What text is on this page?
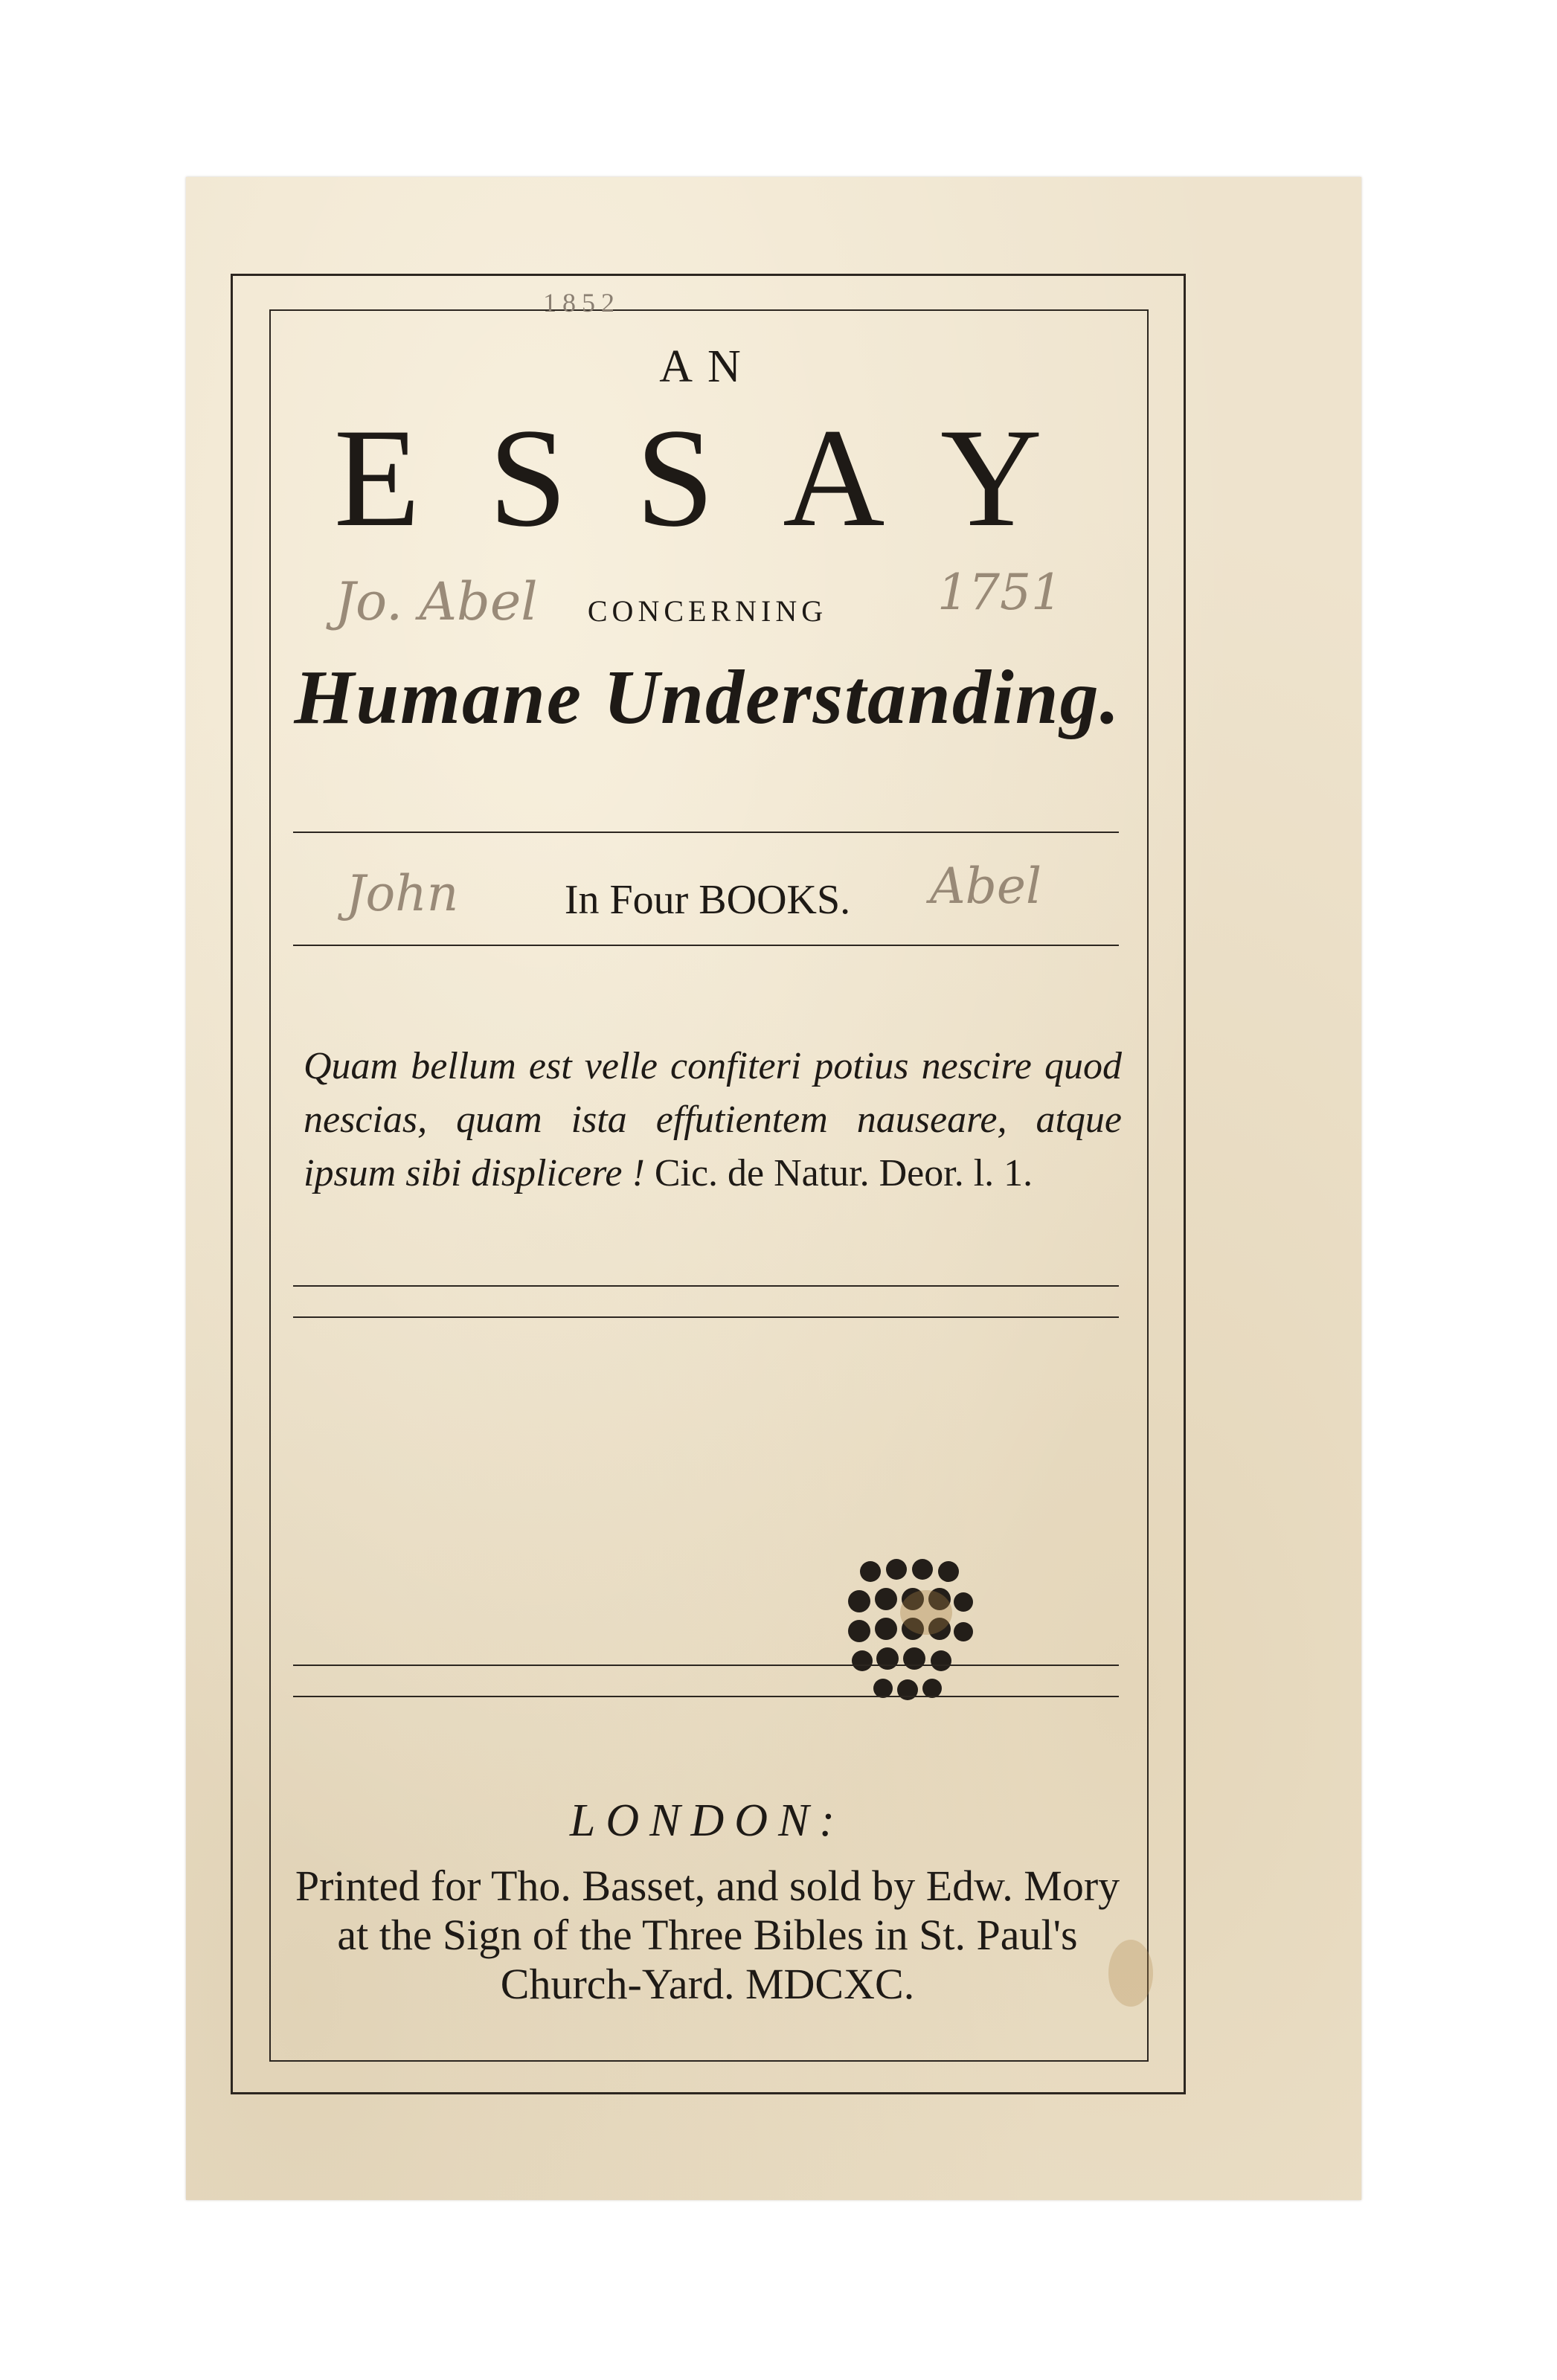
1852
AN
ESSAY
Jo. Abel	CONCERNING	1751
Humane Understanding.
John	In Four BOOKS.	Abel
Quam bellum est velle confiteri potius nescire quod nescias, quam ista effutientem nauseare, atque ipsum sibi displicere ! Cic. de Natur. Deor. l. 1.
LONDON:
Printed for Tho. Basset, and sold by Edw. Mory
at the Sign of the Three Bibles in St. Paul's
Church-Yard. MDCXC.
